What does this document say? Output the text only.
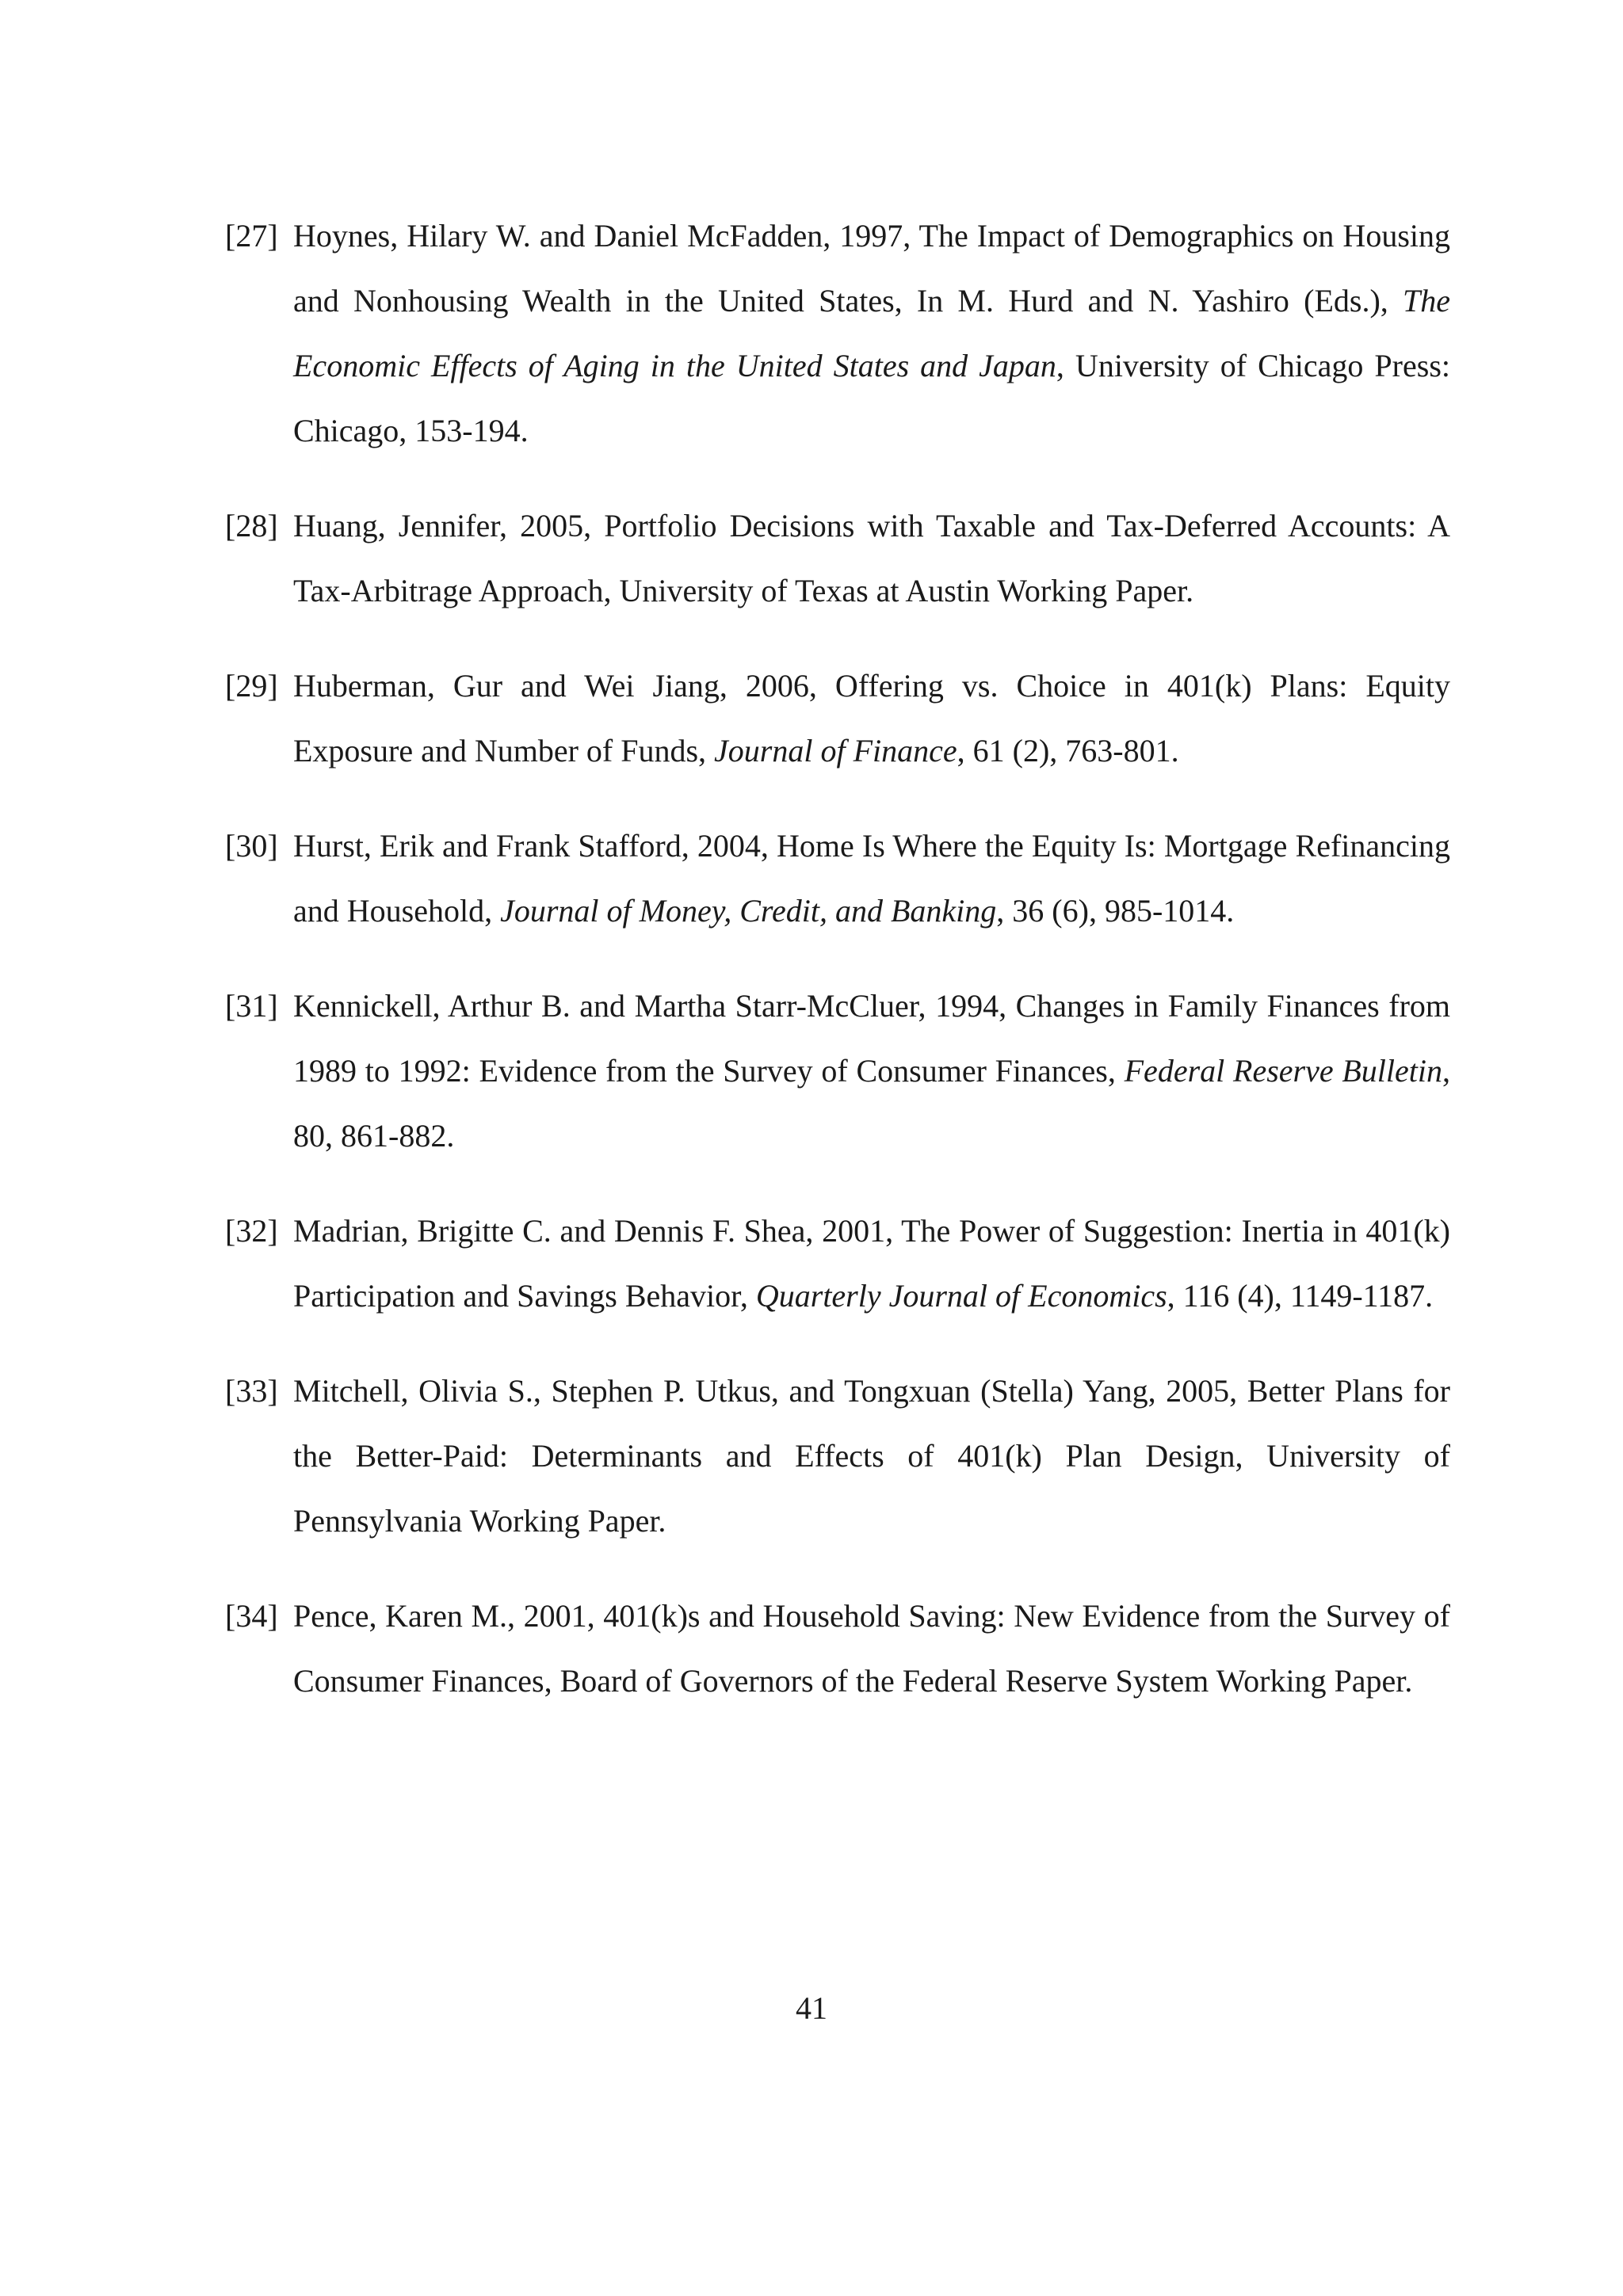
[27] Hoynes, Hilary W. and Daniel McFadden, 1997, The Impact of Demographics on Housing and Nonhousing Wealth in the United States, In M. Hurd and N. Yashiro (Eds.), The Economic Effects of Aging in the United States and Japan, University of Chicago Press: Chicago, 153-194.
[28] Huang, Jennifer, 2005, Portfolio Decisions with Taxable and Tax-Deferred Accounts: A Tax-Arbitrage Approach, University of Texas at Austin Working Paper.
[29] Huberman, Gur and Wei Jiang, 2006, Offering vs. Choice in 401(k) Plans: Equity Exposure and Number of Funds, Journal of Finance, 61 (2), 763-801.
[30] Hurst, Erik and Frank Stafford, 2004, Home Is Where the Equity Is: Mortgage Refinancing and Household, Journal of Money, Credit, and Banking, 36 (6), 985-1014.
[31] Kennickell, Arthur B. and Martha Starr-McCluer, 1994, Changes in Family Finances from 1989 to 1992: Evidence from the Survey of Consumer Finances, Federal Reserve Bulletin, 80, 861-882.
[32] Madrian, Brigitte C. and Dennis F. Shea, 2001, The Power of Suggestion: Inertia in 401(k) Participation and Savings Behavior, Quarterly Journal of Economics, 116 (4), 1149-1187.
[33] Mitchell, Olivia S., Stephen P. Utkus, and Tongxuan (Stella) Yang, 2005, Better Plans for the Better-Paid: Determinants and Effects of 401(k) Plan Design, University of Pennsylvania Working Paper.
[34] Pence, Karen M., 2001, 401(k)s and Household Saving: New Evidence from the Survey of Consumer Finances, Board of Governors of the Federal Reserve System Working Paper.
41
